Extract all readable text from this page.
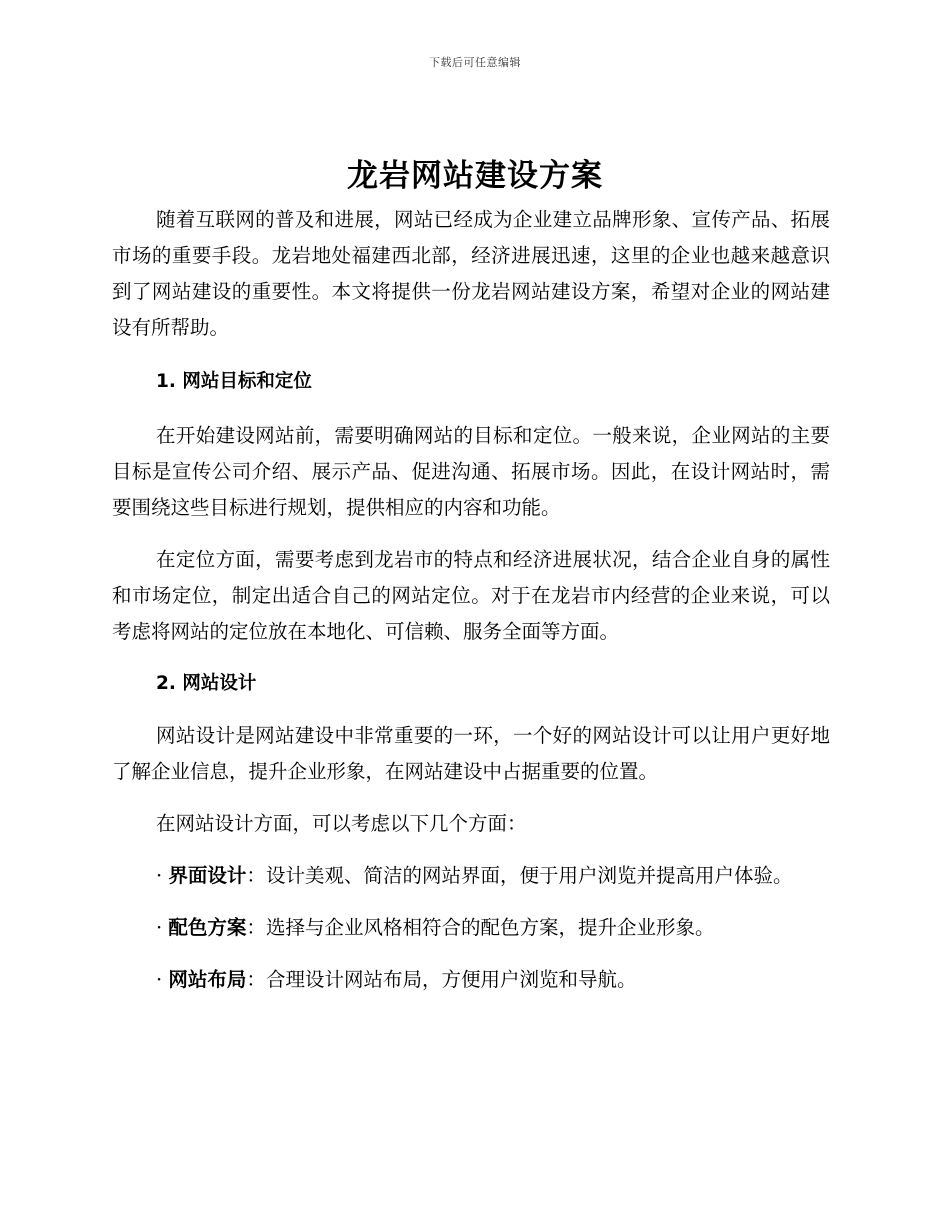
下载后可任意编辑
龙岩网站建设方案

随着互联网的普及和进展，网站已经成为企业建立品牌形象、宣传产品、拓展市场的重要手段。龙岩地处福建西北部，经济进展迅速，这里的企业也越来越意识到了网站建设的重要性。本文将提供一份龙岩网站建设方案，希望对企业的网站建设有所帮助。

1. 网站目标和定位

在开始建设网站前，需要明确网站的目标和定位。一般来说，企业网站的主要目标是宣传公司介绍、展示产品、促进沟通、拓展市场。因此，在设计网站时，需要围绕这些目标进行规划，提供相应的内容和功能。

在定位方面，需要考虑到龙岩市的特点和经济进展状况，结合企业自身的属性和市场定位，制定出适合自己的网站定位。对于在龙岩市内经营的企业来说，可以考虑将网站的定位放在本地化、可信赖、服务全面等方面。

2. 网站设计

网站设计是网站建设中非常重要的一环，一个好的网站设计可以让用户更好地了解企业信息，提升企业形象，在网站建设中占据重要的位置。

在网站设计方面，可以考虑以下几个方面：

· 界面设计：设计美观、简洁的网站界面，便于用户浏览并提高用户体验。

· 配色方案：选择与企业风格相符合的配色方案，提升企业形象。

· 网站布局：合理设计网站布局，方便用户浏览和导航。
